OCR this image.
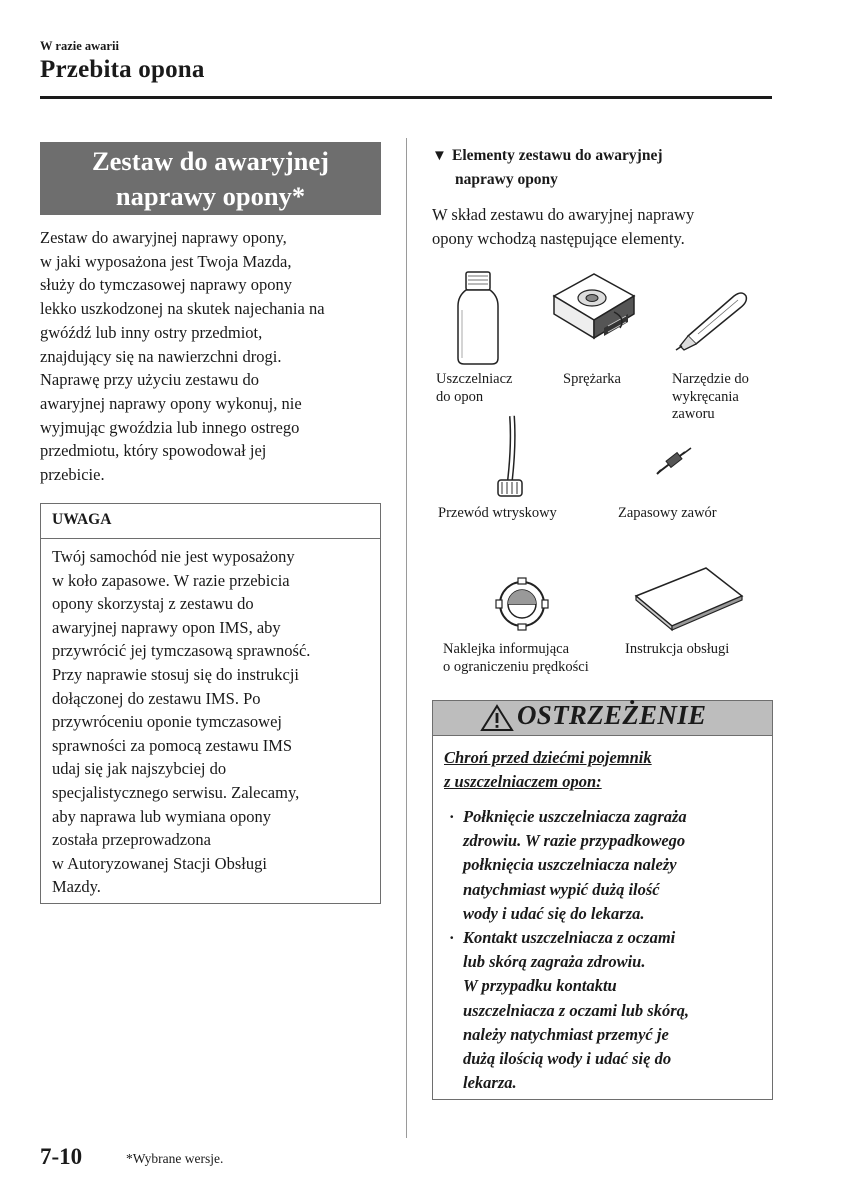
W razie awarii
Przebita opona
Zestaw do awaryjnej
naprawy opony*
Zestaw do awaryjnej naprawy opony,
w jaki wyposażona jest Twoja Mazda,
służy do tymczasowej naprawy opony
lekko uszkodzonej na skutek najechania na
gwóźdź lub inny ostry przedmiot,
znajdujący się na nawierzchni drogi.
Naprawę przy użyciu zestawu do
awaryjnej naprawy opony wykonuj, nie
wyjmując gwoździa lub innego ostrego
przedmiotu, który spowodował jej
przebicie.
UWAGA
Twój samochód nie jest wyposażony
w koło zapasowe. W razie przebicia
opony skorzystaj z zestawu do
awaryjnej naprawy opon IMS, aby
przywrócić jej tymczasową sprawność.
Przy naprawie stosuj się do instrukcji
dołączonej do zestawu IMS. Po
przywróceniu oponie tymczasowej
sprawności za pomocą zestawu IMS
udaj się jak najszybciej do
specjalistycznego serwisu. Zalecamy,
aby naprawa lub wymiana opony
została przeprowadzona
w Autoryzowanej Stacji Obsługi
Mazdy.
▼ Elementy zestawu do awaryjnej
naprawy opony
W skład zestawu do awaryjnej naprawy
opony wchodzą następujące elementy.
Uszczelniacz
do opon
Sprężarka	Narzędzie do
wykręcania
zaworu
Przewód wtryskowy	Zapasowy zawór
Naklejka informująca
o ograniczeniu prędkości
Instrukcja obsługi
OSTRZEŻENIE
Chroń przed dziećmi pojemnik
z uszczelniaczem opon:
· Połknięcie uszczelniacza zagraża
zdrowiu. W razie przypadkowego
połknięcia uszczelniacza należy
natychmiast wypić dużą ilość
wody i udać się do lekarza.
· Kontakt uszczelniacza z oczami
lub skórą zagraża zdrowiu.
W przypadku kontaktu
uszczelniacza z oczami lub skórą,
należy natychmiast przemyć je
dużą ilością wody i udać się do
lekarza.
7-10	*Wybrane wersje.
